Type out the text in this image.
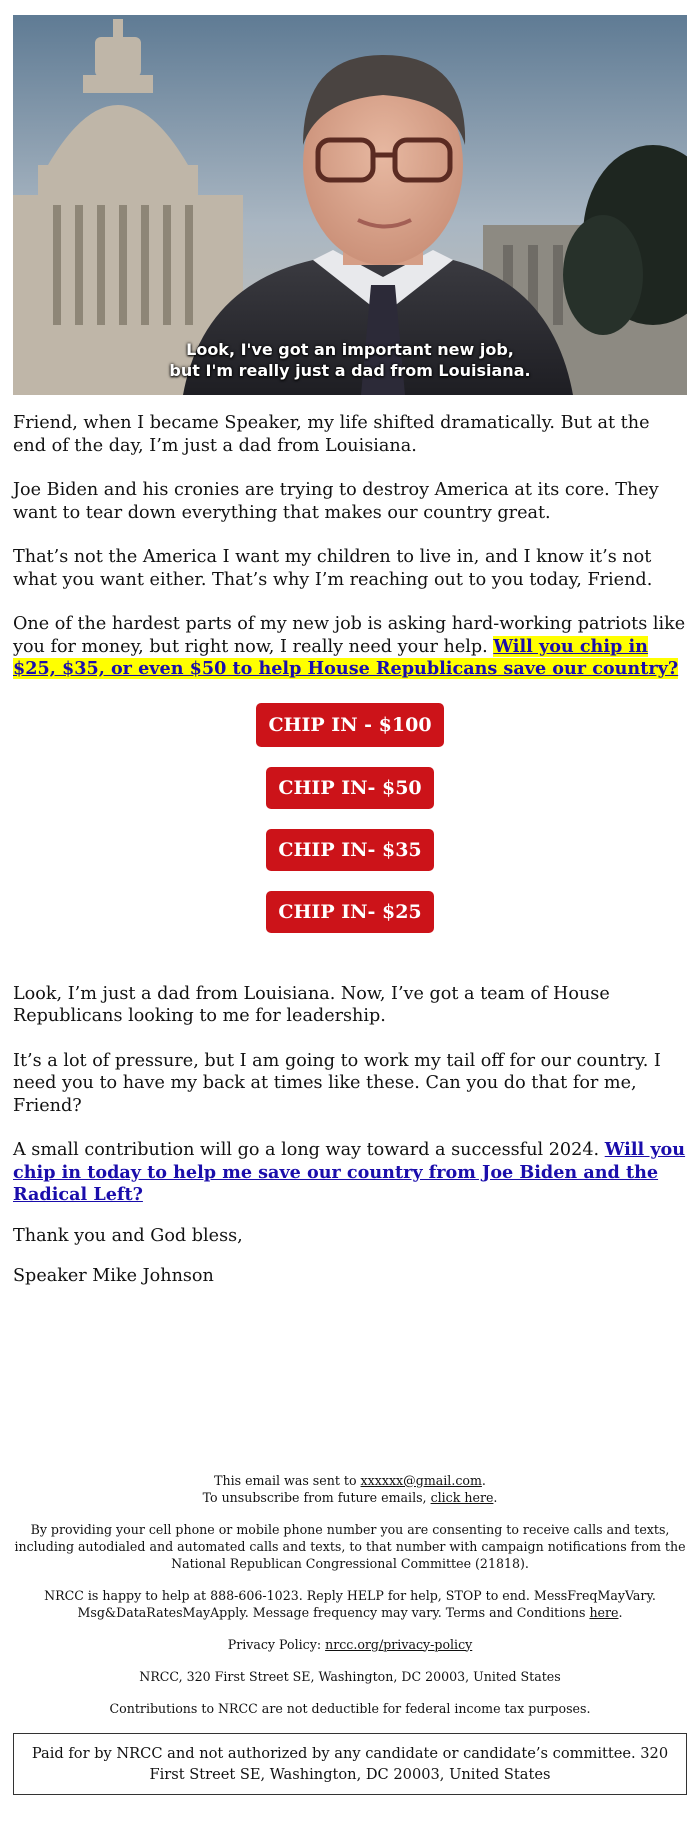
Look, I've got an important new job,
but I'm really just a dad from Louisiana.

Friend, when I became Speaker, my life shifted dramatically. But at the end of the day, I’m just a dad from Louisiana.

Joe Biden and his cronies are trying to destroy America at its core. They want to tear down everything that makes our country great.

That’s not the America I want my children to live in, and I know it’s not what you want either. That’s why I’m reaching out to you today, Friend.

One of the hardest parts of my new job is asking hard-working patriots like you for money, but right now, I really need your help. Will you chip in $25, $35, or even $50 to help House Republicans save our country?

CHIP IN - $100
CHIP IN- $50
CHIP IN- $35
CHIP IN- $25

Look, I’m just a dad from Louisiana. Now, I’ve got a team of House Republicans looking to me for leadership.

It’s a lot of pressure, but I am going to work my tail off for our country. I need you to have my back at times like these. Can you do that for me, Friend?

A small contribution will go a long way toward a successful 2024. Will you chip in today to help me save our country from Joe Biden and the Radical Left?

Thank you and God bless,

Speaker Mike Johnson

This email was sent to xxxxxx@gmail.com.
To unsubscribe from future emails, click here.

By providing your cell phone or mobile phone number you are consenting to receive calls and texts, including autodialed and automated calls and texts, to that number with campaign notifications from the National Republican Congressional Committee (21818).

NRCC is happy to help at 888-606-1023. Reply HELP for help, STOP to end. MessFreqMayVary. Msg&DataRatesMayApply. Message frequency may vary. Terms and Conditions here.

Privacy Policy: nrcc.org/privacy-policy

NRCC, 320 First Street SE, Washington, DC 20003, United States

Contributions to NRCC are not deductible for federal income tax purposes.

Paid for by NRCC and not authorized by any candidate or candidate’s committee. 320 First Street SE, Washington, DC 20003, United States
